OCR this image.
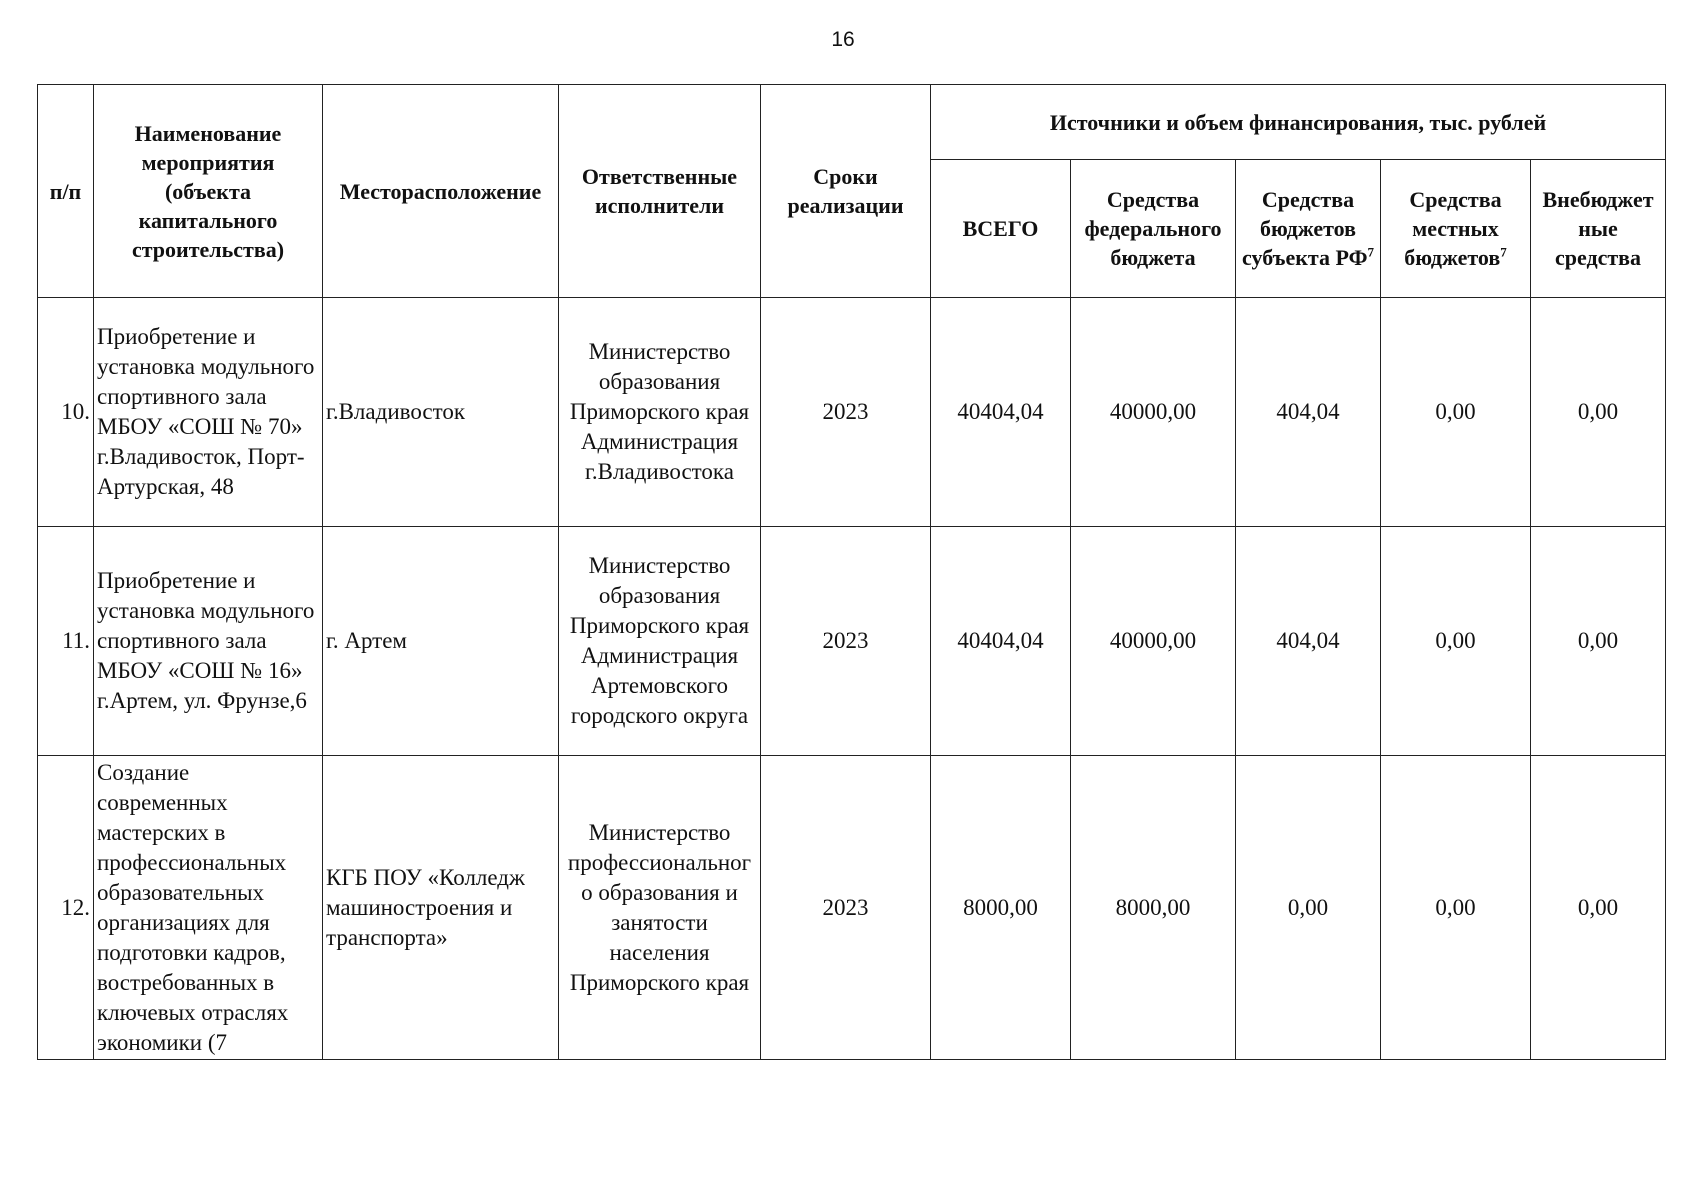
16
п/п	Наименование мероприятия (объекта капитального строительства)	Месторасположение	Ответственные исполнители	Сроки реализации	Источники и объем финансирования, тыс. рублей				
					ВСЕГО	Средства федерального бюджета	Средства бюджетов субъекта $РФ^7$	Средства местных бюджетов$^7$	Внебюджет ные средства
10.	Приобретение и установка модульного спортивного зала МБОУ «СОШ № 70» г.Владивосток, Порт-Артурская, 48	г.Владивосток	Министерство образования Приморского края Администрация г.Владивостока	2023	40404,04	40000,00	404,04	0,00	0,00
11.	Приобретение и установка модульного спортивного зала МБОУ «СОШ № 16» г.Артем, ул. Фрунзе,6	г. Артем	Министерство образования Приморского края Администрация Артемовского городского округа	2023	40404,04	40000,00	404,04	0,00	0,00
12.	Создание современных мастерских в профессиональных образовательных организациях для подготовки кадров, востребованных в ключевых отраслях экономики (7	КГБ ПОУ «Колледж машиностроения и транспорта»	Министерство профессиональног о образования и занятости населения Приморского края	2023	8000,00	8000,00	0,00	0,00	0,00
